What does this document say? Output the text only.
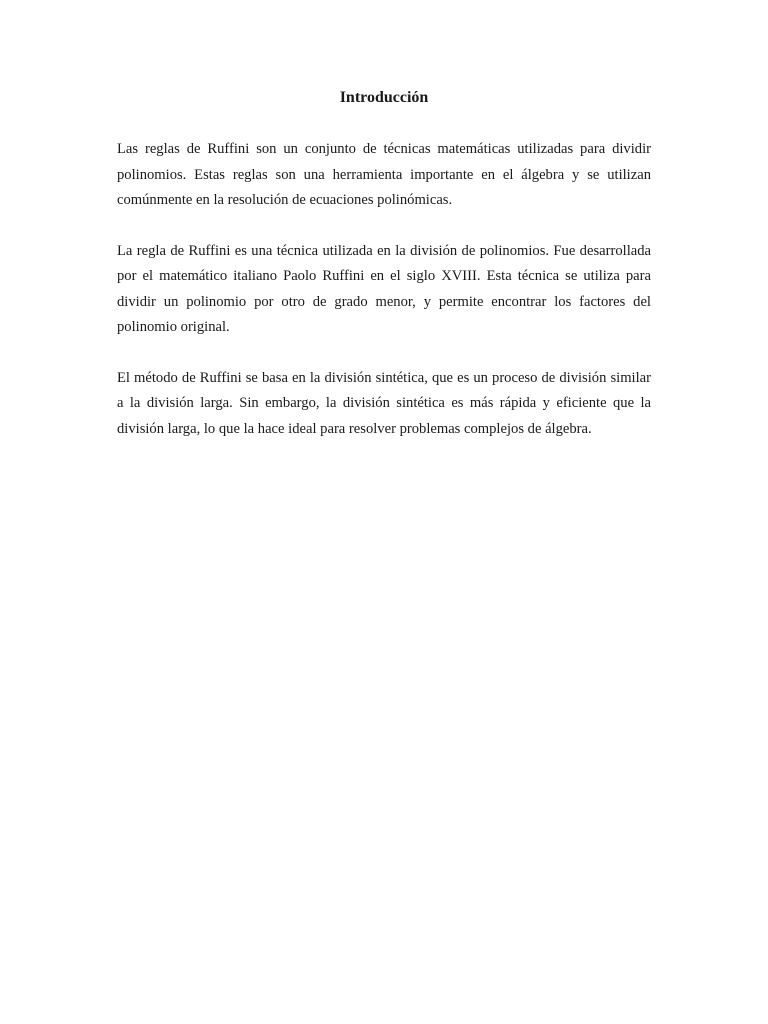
Introducción

Las reglas de Ruffini son un conjunto de técnicas matemáticas utilizadas para dividir polinomios. Estas reglas son una herramienta importante en el álgebra y se utilizan comúnmente en la resolución de ecuaciones polinómicas.

La regla de Ruffini es una técnica utilizada en la división de polinomios. Fue desarrollada por el matemático italiano Paolo Ruffini en el siglo XVIII. Esta técnica se utiliza para dividir un polinomio por otro de grado menor, y permite encontrar los factores del polinomio original.

El método de Ruffini se basa en la división sintética, que es un proceso de división similar a la división larga. Sin embargo, la división sintética es más rápida y eficiente que la división larga, lo que la hace ideal para resolver problemas complejos de álgebra.
